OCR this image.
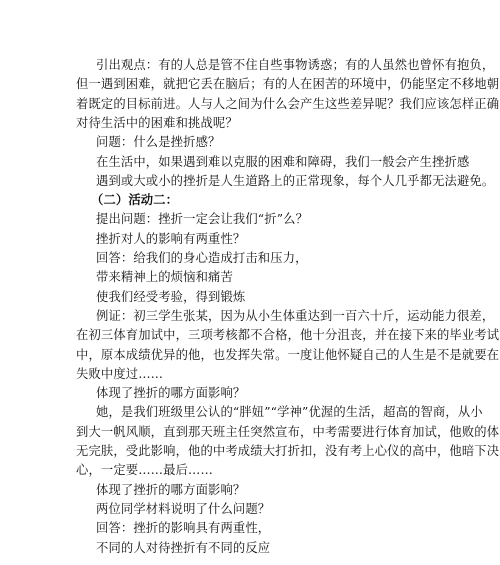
引出观点：有的人总是管不住自些事物诱惑；有的人虽然也曾怀有抱负，
但一遇到困难，就把它丢在脑后；有的人在困苦的环境中，仍能坚定不移地朝
着既定的目标前进。人与人之间为什么会产生这些差异呢？我们应该怎样正确
对待生活中的困难和挑战呢？
问题：什么是挫折感？
在生活中，如果遇到难以克服的困难和障碍，我们一般会产生挫折感
遇到或大或小的挫折是人生道路上的正常现象，每个人几乎都无法避免。
（二）活动二：
提出问题：挫折一定会让我们“折”么？
挫折对人的影响有两重性？
回答：给我们的身心造成打击和压力，
带来精神上的烦恼和痛苦
使我们经受考验，得到锻炼
例证：初三学生张某，因为从小生体重达到一百六十斤，运动能力很差，
在初三体育加试中，三项考核都不合格，他十分沮丧，并在接下来的毕业考试
中，原本成绩优异的他，也发挥失常。一度让他怀疑自己的人生是不是就要在
失败中度过……
体现了挫折的哪方面影响？
她，是我们班级里公认的“胖妞”“学神”优渥的生活，超高的智商，从小
到大一帆风顺，直到那天班主任突然宣布，中考需要进行体育加试，他败的体
无完肤，受此影响，他的中考成绩大打折扣，没有考上心仪的高中，他暗下决
心，一定要……最后……
体现了挫折的哪方面影响？
两位同学材料说明了什么问题？
回答：挫折的影响具有两重性，
不同的人对待挫折有不同的反应
